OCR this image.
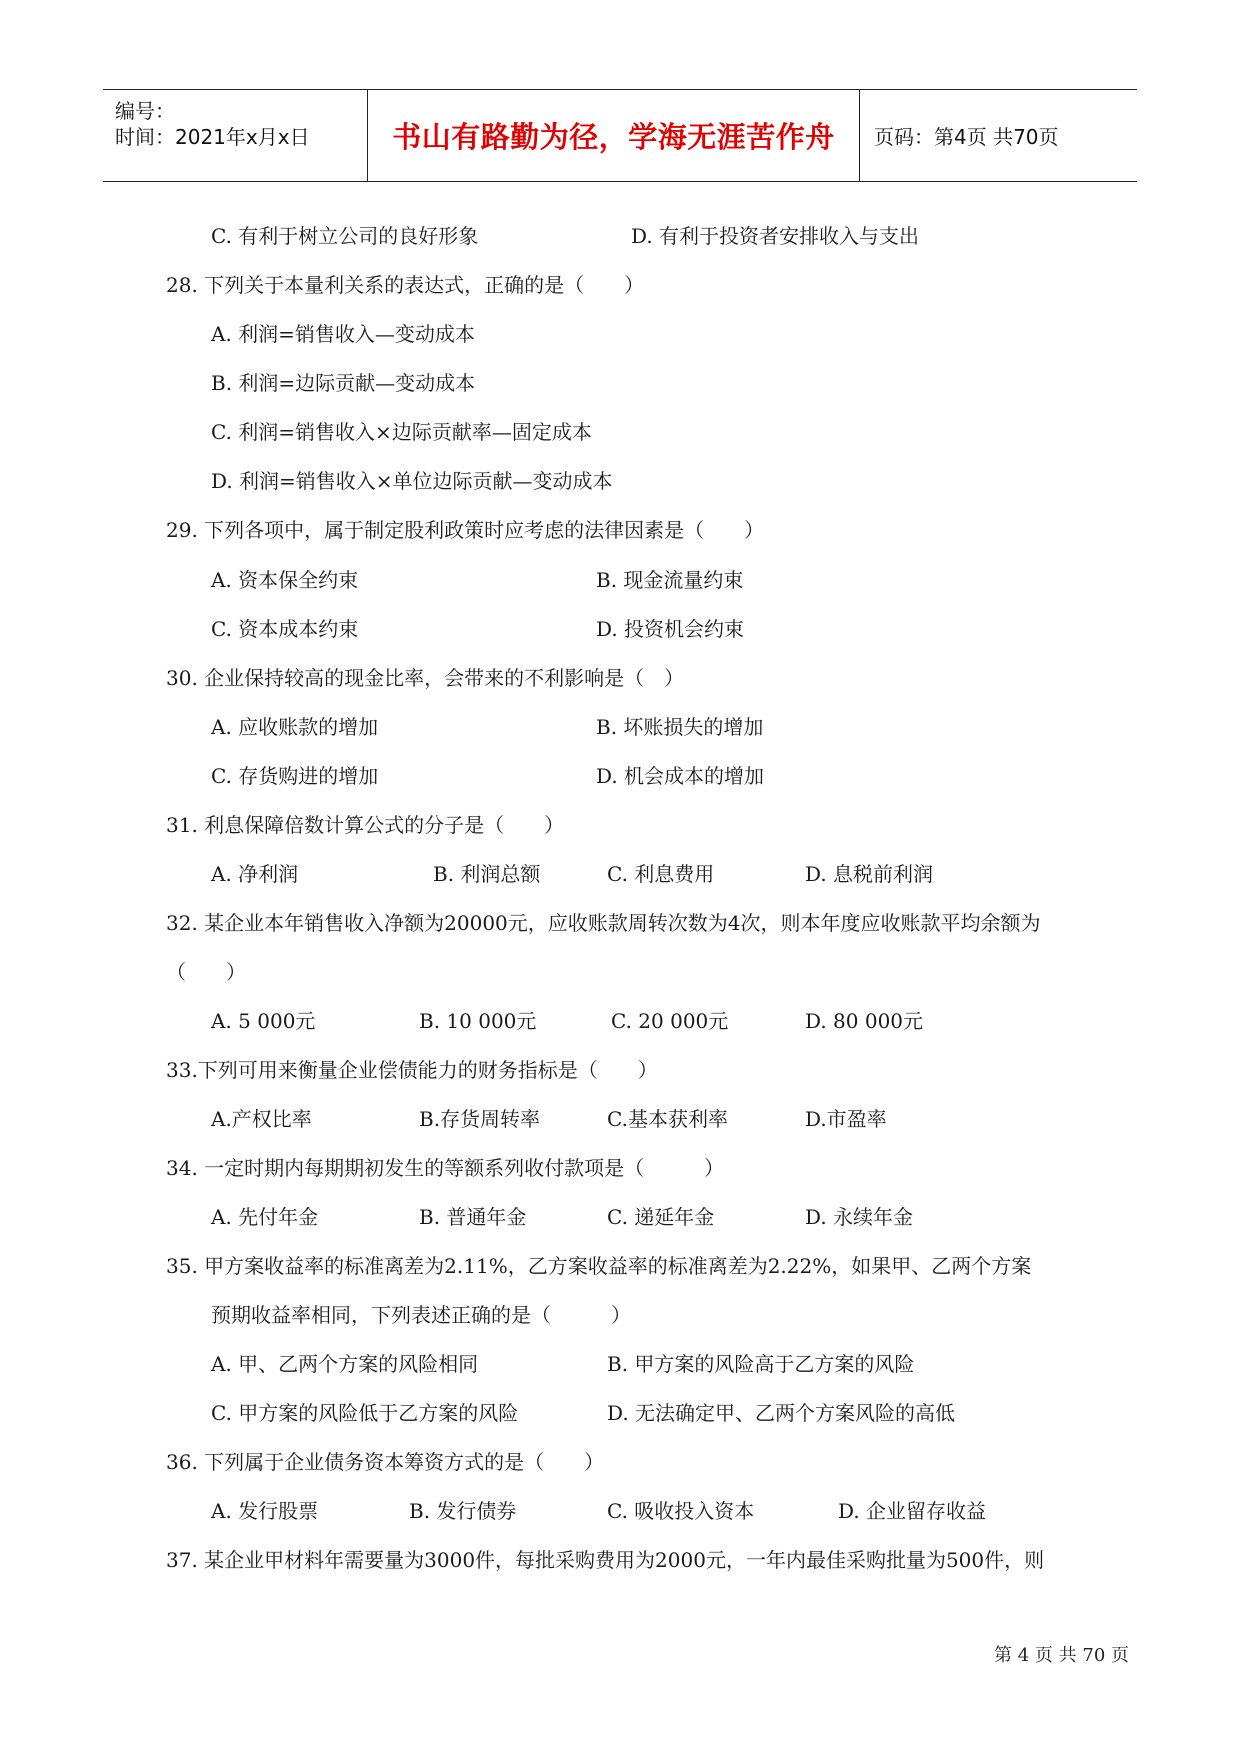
编号：
时间：2021年x月x日	书山有路勤为径，学海无涯苦作舟 页码：第4页 共70页
C. 有利于树立公司的良好形象	D. 有利于投资者安排收入与支出
28. 下列关于本量利关系的表达式，正确的是（　　）
A. 利润=销售收入—变动成本
B. 利润=边际贡献—变动成本
C. 利润=销售收入×边际贡献率—固定成本
D. 利润=销售收入×单位边际贡献—变动成本
29. 下列各项中，属于制定股利政策时应考虑的法律因素是（　　）
A. 资本保全约束	B. 现金流量约束
C. 资本成本约束	D. 投资机会约束
30. 企业保持较高的现金比率，会带来的不利影响是（　）
A. 应收账款的增加	B. 坏账损失的增加
C. 存货购进的增加	D. 机会成本的增加
31. 利息保障倍数计算公式的分子是（　　）
A. 净利润	B. 利润总额	C. 利息费用	D. 息税前利润
32. 某企业本年销售收入净额为20000元，应收账款周转次数为4次，则本年度应收账款平均余额为
（　　）
A. 5 000元	B. 10 000元	C. 20 000元	D. 80 000元
33.下列可用来衡量企业偿债能力的财务指标是（　　）
A.产权比率	B.存货周转率	C.基本获利率	D.市盈率
34. 一定时期内每期期初发生的等额系列收付款项是（　　　）
A. 先付年金	B. 普通年金	C. 递延年金	D. 永续年金
35. 甲方案收益率的标准离差为2.11%，乙方案收益率的标准离差为2.22%，如果甲、乙两个方案
预期收益率相同，下列表述正确的是（　　　）
A. 甲、乙两个方案的风险相同	B. 甲方案的风险高于乙方案的风险
C. 甲方案的风险低于乙方案的风险	D. 无法确定甲、乙两个方案风险的高低
36. 下列属于企业债务资本筹资方式的是（　　）
A. 发行股票	B. 发行债券	C. 吸收投入资本	D. 企业留存收益
37. 某企业甲材料年需要量为3000件，每批采购费用为2000元，一年内最佳采购批量为500件，则
第 4 页 共 70 页
